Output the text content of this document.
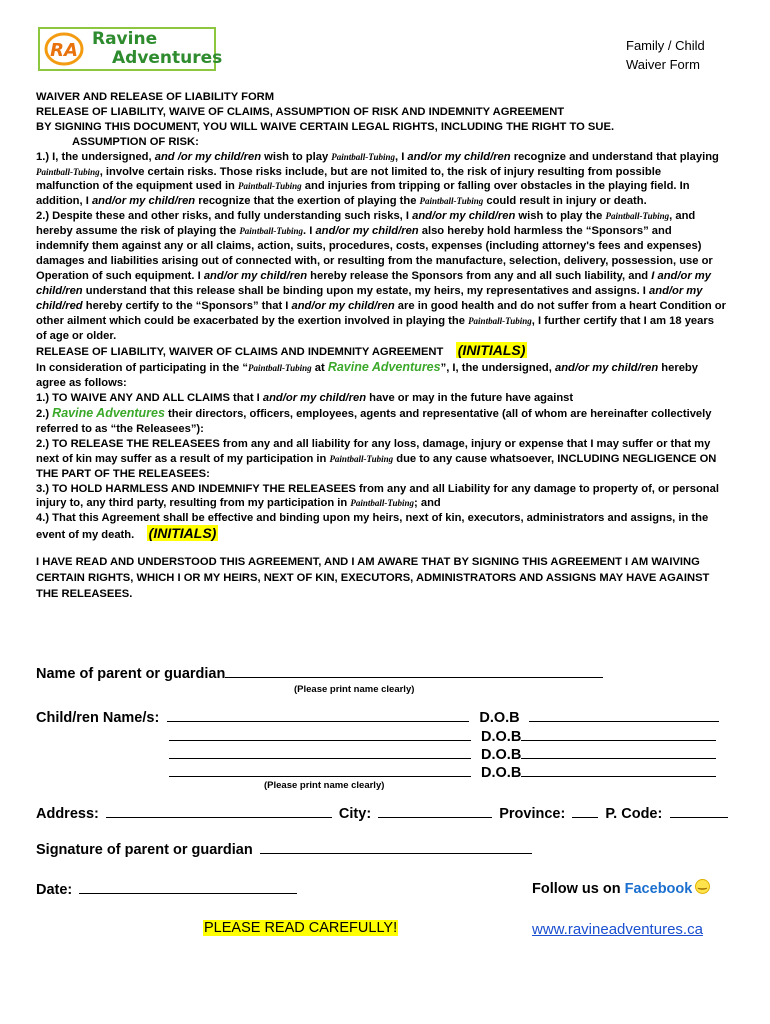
RA
Ravine
Adventures
Family / Child
Waiver Form

WAIVER AND RELEASE OF LIABILITY FORM

RELEASE OF LIABILITY, WAIVE OF CLAIMS, ASSUMPTION OF RISK AND INDEMNITY AGREEMENT

BY SIGNING THIS DOCUMENT, YOU WILL WAIVE CERTAIN LEGAL RIGHTS, INCLUDING THE RIGHT TO SUE.

ASSUMPTION OF RISK:

1.) I, the undersigned, and /or my child/ren wish to play Paintball-Tubing, I and/or my child/ren recognize and understand that playing Paintball-Tubing, involve certain risks. Those risks include, but are not limited to, the risk of injury resulting from possible malfunction of the equipment used in Paintball-Tubing and injuries from tripping or falling over obstacles in the playing field. In addition, I and/or my child/ren recognize that the exertion of playing the Paintball-Tubing could result in injury or death.

2.) Despite these and other risks, and fully understanding such risks, I and/or my child/ren wish to play the Paintball-Tubing, and hereby assume the risk of playing the Paintball-Tubing. I and/or my child/ren also hereby hold harmless the “Sponsors” and indemnify them against any or all claims, action, suits, procedures, costs, expenses (including attorney's fees and expenses) damages and liabilities arising out of connected with, or resulting from the manufacture, selection, delivery, possession, use or Operation of such equipment. I and/or my child/ren hereby release the Sponsors from any and all such liability, and I and/or my child/ren understand that this release shall be binding upon my estate, my heirs, my representatives and assigns. I and/or my child/red hereby certify to the “Sponsors” that I and/or my child/ren are in good health and do not suffer from a heart Condition or other ailment which could be exacerbated by the exertion involved in playing the Paintball-Tubing, I further certify that I am 18 years of age or older.

RELEASE OF LIABILITY, WAIVER OF CLAIMS AND INDEMNITY AGREEMENT (INITIALS)

In consideration of participating in the “Paintball-Tubing at Ravine Adventures”, I, the undersigned, and/or my child/ren hereby agree as follows:

1.) TO WAIVE ANY AND ALL CLAIMS that I and/or my child/ren have or may in the future have against

2.) Ravine Adventures their directors, officers, employees, agents and representative (all of whom are hereinafter collectively referred to as “the Releasees”):

2.) TO RELEASE THE RELEASEES from any and all liability for any loss, damage, injury or expense that I may suffer or that my next of kin may suffer as a result of my participation in Paintball-Tubing due to any cause whatsoever, INCLUDING NEGLIGENCE ON THE PART OF THE RELEASEES:

3.) TO HOLD HARMLESS AND INDEMNIFY THE RELEASEES from any and all Liability for any damage to property of, or personal injury to, any third party, resulting from my participation in Paintball-Tubing; and

4.) That this Agreement shall be effective and binding upon my heirs, next of kin, executors, administrators and assigns, in the event of my death. (INITIALS)

I HAVE READ AND UNDERSTOOD THIS AGREEMENT, AND I AM AWARE THAT BY SIGNING THIS AGREEMENT I AM WAIVING CERTAIN RIGHTS, WHICH I OR MY HEIRS, NEXT OF KIN, EXECUTORS, ADMINISTRATORS AND ASSIGNS MAY HAVE AGAINST THE RELEASEES.

Name of parent or guardian
(Please print name clearly)
Child/ren Name/s:	D.O.B
D.O.B
D.O.B
D.O.B
(Please print name clearly)
Address:	City:	Province:	P. Code:
Signature of parent or guardian
Date:	Follow us on Facebook‿
PLEASE READ CAREFULLY!	www.ravineadventures.ca
